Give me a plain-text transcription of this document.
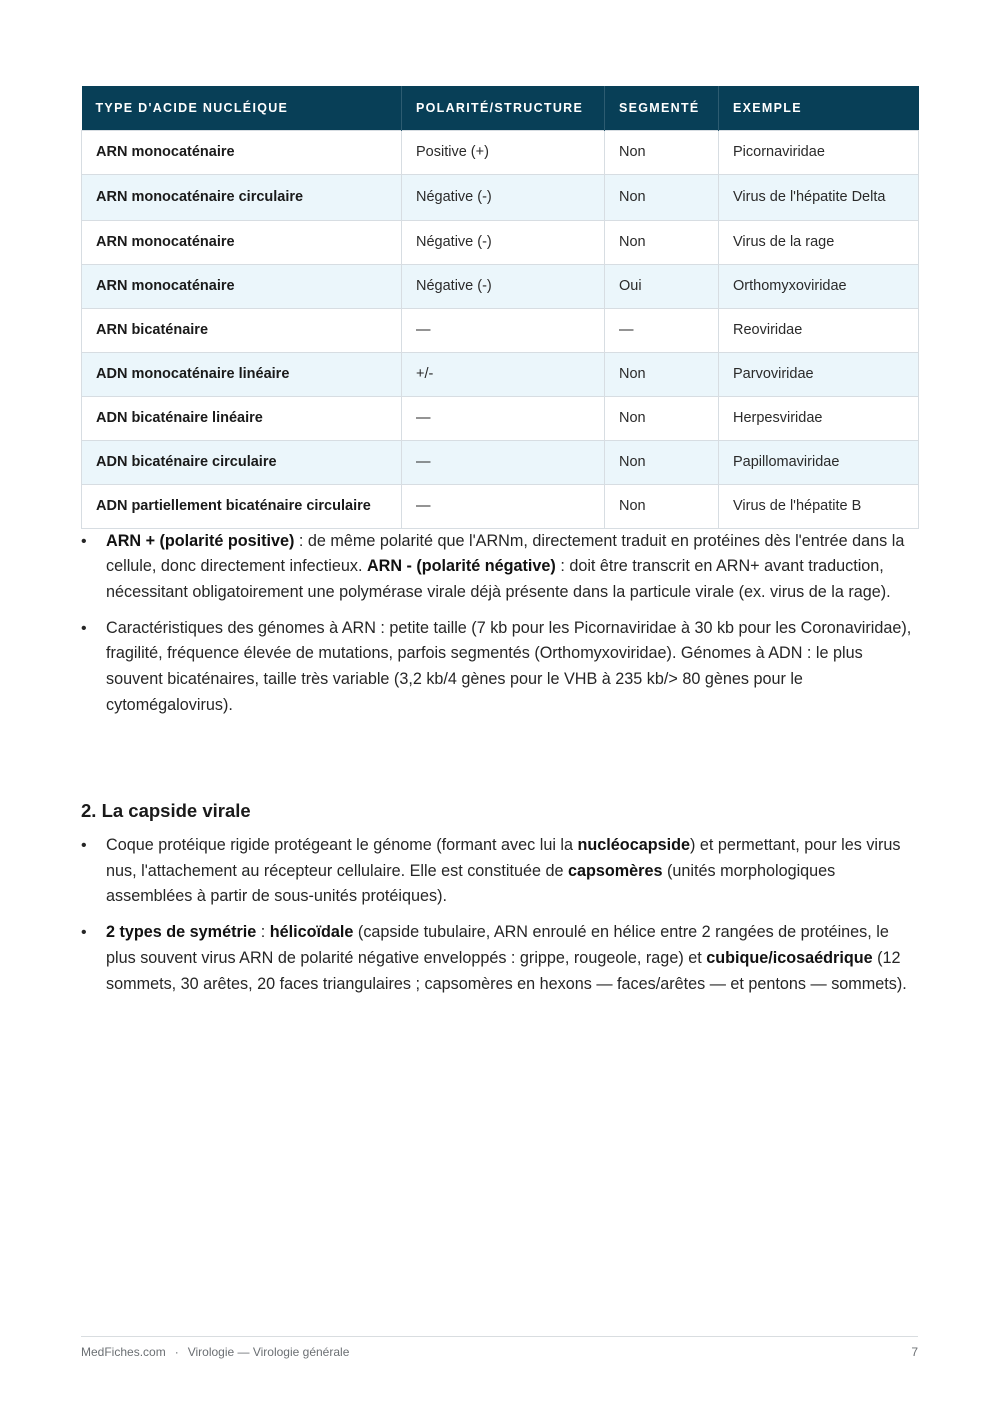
TYPE D'ACIDE NUCLÉIQUE	POLARITÉ/STRUCTURE	SEGMENTÉ	EXEMPLE
ARN monocaténaire	Positive (+)	Non	Picornaviridae
ARN monocaténaire circulaire	Négative (-)	Non	Virus de l'hépatite Delta
ARN monocaténaire	Négative (-)	Non	Virus de la rage
ARN monocaténaire	Négative (-)	Oui	Orthomyxoviridae
ARN bicaténaire	—	—	Reoviridae
ADN monocaténaire linéaire	+/-	Non	Parvoviridae
ADN bicaténaire linéaire	—	Non	Herpesviridae
ADN bicaténaire circulaire	—	Non	Papillomaviridae
ADN partiellement bicaténaire circulaire	—	Non	Virus de l'hépatite B
• ARN + (polarité positive) : de même polarité que l'ARNm, directement traduit en protéines dès l'entrée dans la cellule, donc directement infectieux. ARN - (polarité négative) : doit être transcrit en ARN+ avant traduction, nécessitant obligatoirement une polymérase virale déjà présente dans la particule virale (ex. virus de la rage).
• Caractéristiques des génomes à ARN : petite taille (7 kb pour les Picornaviridae à 30 kb pour les Coronaviridae), fragilité, fréquence élevée de mutations, parfois segmentés (Orthomyxoviridae). Génomes à ADN : le plus souvent bicaténaires, taille très variable (3,2 kb/4 gènes pour le VHB à 235 kb/> 80 gènes pour le cytomégalovirus).
2. La capside virale
• Coque protéique rigide protégeant le génome (formant avec lui la nucléocapside) et permettant, pour les virus nus, l'attachement au récepteur cellulaire. Elle est constituée de capsomères (unités morphologiques assemblées à partir de sous-unités protéiques).
• 2 types de symétrie : hélicoïdale (capside tubulaire, ARN enroulé en hélice entre 2 rangées de protéines, le plus souvent virus ARN de polarité négative enveloppés : grippe, rougeole, rage) et cubique/icosaédrique (12 sommets, 30 arêtes, 20 faces triangulaires ; capsomères en hexons — faces/arêtes — et pentons — sommets).
MedFiches.com · Virologie — Virologie générale	7
